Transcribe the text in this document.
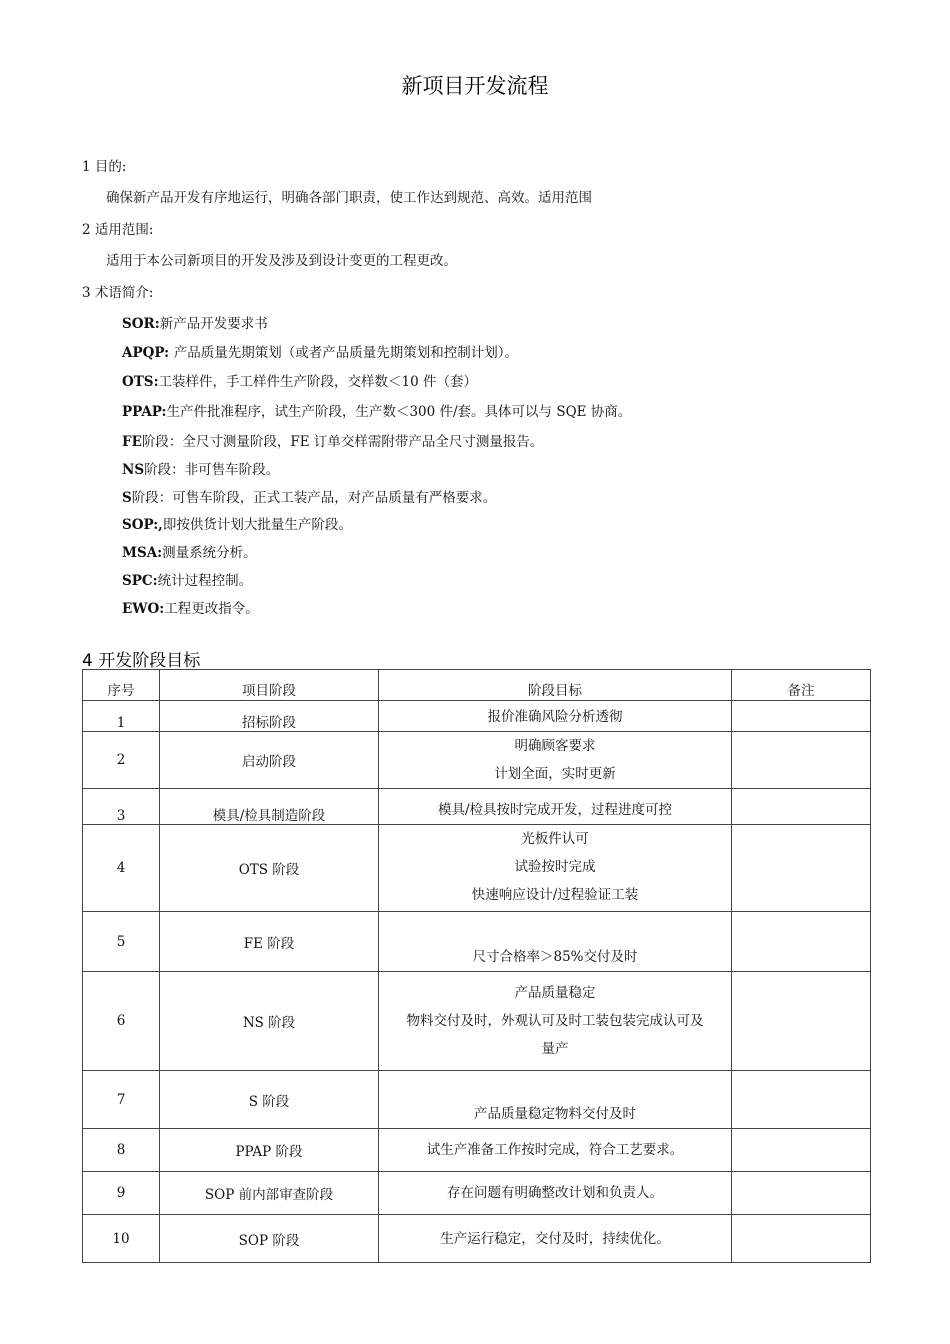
新项目开发流程
1 目的:
确保新产品开发有序地运行，明确各部门职责，使工作达到规范、高效。适用范围
2 适用范围:
适用于本公司新项目的开发及涉及到设计变更的工程更改。
3 术语简介:
SOR:新产品开发要求书
APQP: 产品质量先期策划（或者产品质量先期策划和控制计划）。
OTS:工装样件，手工样件生产阶段，交样数＜10 件（套）
PPAP:生产件批准程序，试生产阶段，生产数＜300 件/套。具体可以与 SQE 协商。
FE阶段：全尺寸测量阶段，FE 订单交样需附带产品全尺寸测量报告。
NS阶段：非可售车阶段。
S阶段：可售车阶段，正式工装产品，对产品质量有严格要求。
SOP:,即按供货计划大批量生产阶段。
MSA:测量系统分析。
SPC:统计过程控制。
EWO:工程更改指令。
4 开发阶段目标
序号	项目阶段	阶段目标	备注
1	招标阶段	报价准确风险分析透彻	

2	启动阶段	明确顾客要求
计划全面，实时更新	

3	模具/检具制造阶段	模具/检具按时完成开发，过程进度可控	

4	OTS 阶段	光板件认可
试验按时完成
快速响应设计/过程验证工装	

5	FE 阶段	尺寸合格率＞85%交付及时	

6	NS 阶段	产品质量稳定
物料交付及时，外观认可及时工装包装完成认可及
量产	

7	S 阶段	产品质量稳定物料交付及时	

8	PPAP 阶段	试生产准备工作按时完成，符合工艺要求。	

9	SOP 前内部审查阶段	存在问题有明确整改计划和负责人。	

10	SOP 阶段	生产运行稳定，交付及时，持续优化。	
